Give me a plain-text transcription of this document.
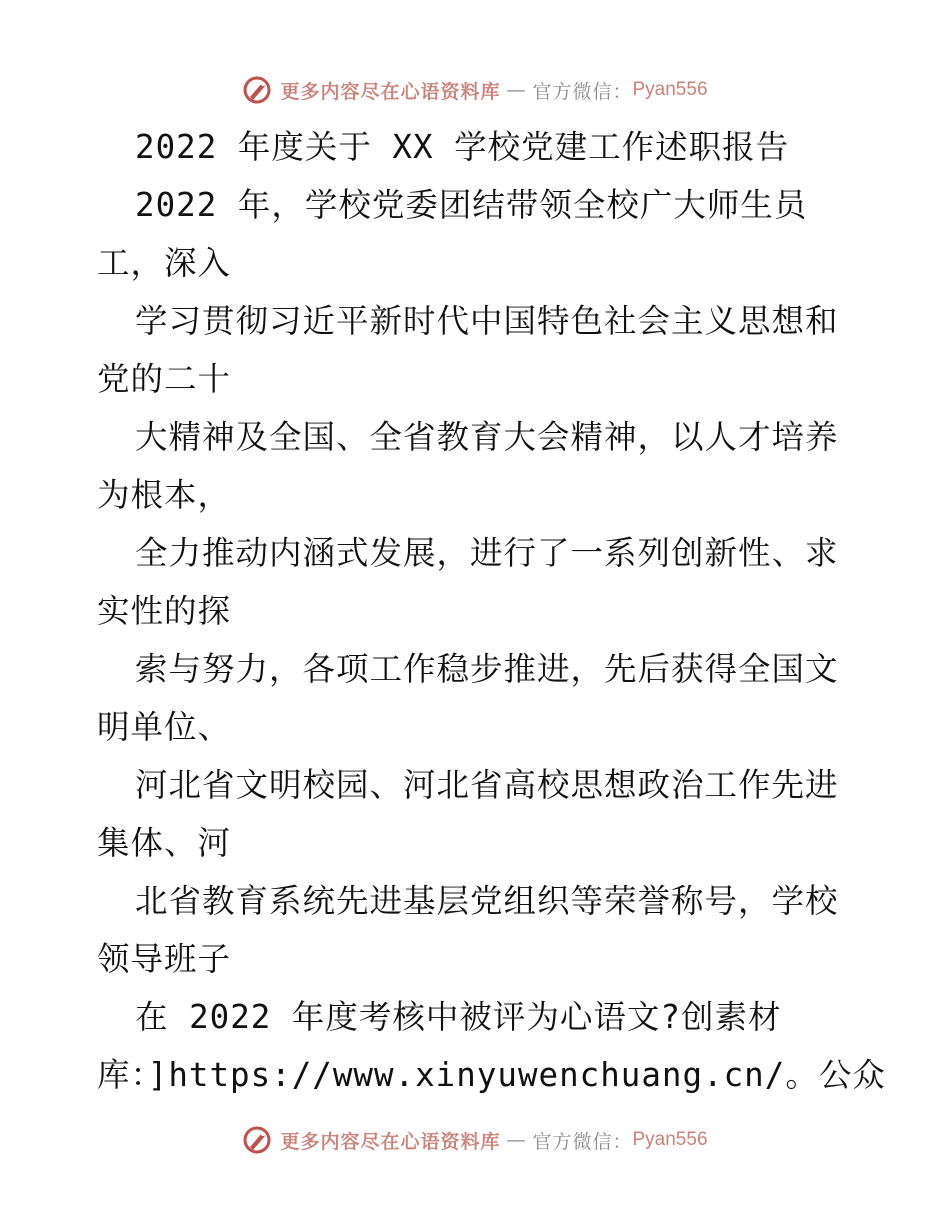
更多内容尽在心语资料库 — 官方微信： Pyan556
2022 年度关于 XX 学校党建工作述职报告
2022 年，学校党委团结带领全校广大师生员
工，深入
学习贯彻习近平新时代中国特色社会主义思想和
党的二十
大精神及全国、全省教育大会精神，以人才培养
为根本，
全力推动内涵式发展，进行了一系列创新性、求
实性的探
索与努力，各项工作稳步推进，先后获得全国文
明单位、
河北省文明校园、河北省高校思想政治工作先进
集体、河
北省教育系统先进基层党组织等荣誉称号，学校
领导班子
在 2022 年度考核中被评为心语文?创素材
库：]https://www.xinyuwenchuang.cn/。公众
更多内容尽在心语资料库 — 官方微信： Pyan556
